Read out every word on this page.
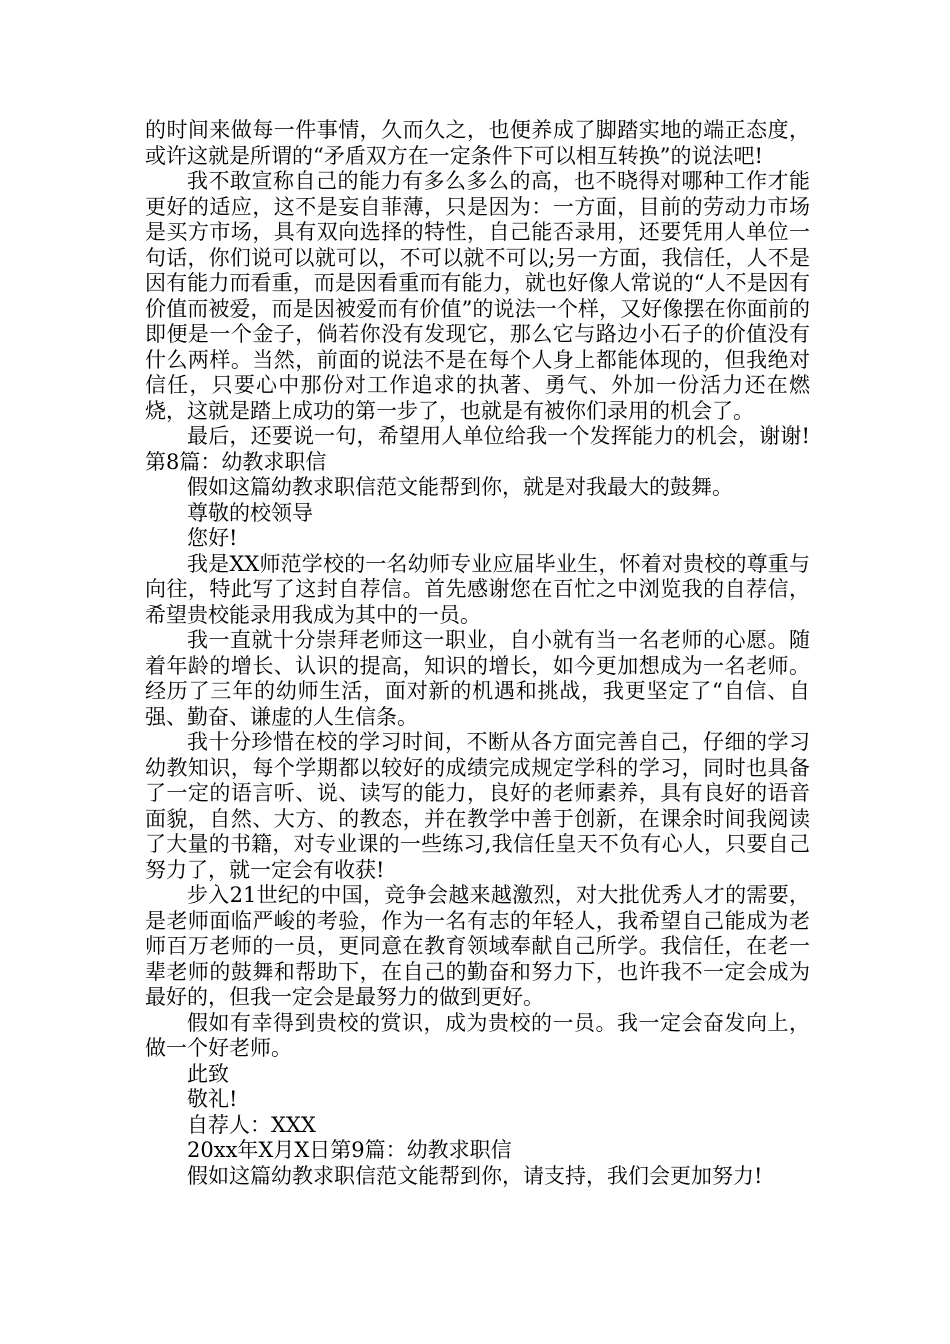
的时间来做每一件事情，久而久之，也便养成了脚踏实地的端正态度，或许这就是所谓的“矛盾双方在一定条件下可以相互转换”的说法吧!

我不敢宣称自己的能力有多么多么的高，也不晓得对哪种工作才能更好的适应，这不是妄自菲薄，只是因为：一方面，目前的劳动力市场是买方市场，具有双向选择的特性，自己能否录用，还要凭用人单位一句话，你们说可以就可以，不可以就不可以;另一方面，我信任，人不是因有能力而看重，而是因看重而有能力，就也好像人常说的“人不是因有价值而被爱，而是因被爱而有价值”的说法一个样，又好像摆在你面前的即便是一个金子，倘若你没有发现它，那么它与路边小石子的价值没有什么两样。当然，前面的说法不是在每个人身上都能体现的，但我绝对信任，只要心中那份对工作追求的执著、勇气、外加一份活力还在燃烧，这就是踏上成功的第一步了，也就是有被你们录用的机会了。

最后，还要说一句，希望用人单位给我一个发挥能力的机会，谢谢!第8篇：幼教求职信

假如这篇幼教求职信范文能帮到你，就是对我最大的鼓舞。

尊敬的校领导

您好!

我是XX师范学校的一名幼师专业应届毕业生，怀着对贵校的尊重与向往，特此写了这封自荐信。首先感谢您在百忙之中浏览我的自荐信，希望贵校能录用我成为其中的一员。

我一直就十分崇拜老师这一职业，自小就有当一名老师的心愿。随着年龄的增长、认识的提高，知识的增长，如今更加想成为一名老师。经历了三年的幼师生活，面对新的机遇和挑战，我更坚定了“自信、自强、勤奋、谦虚的人生信条。

我十分珍惜在校的学习时间，不断从各方面完善自己，仔细的学习幼教知识，每个学期都以较好的成绩完成规定学科的学习，同时也具备了一定的语言听、说、读写的能力，良好的老师素养，具有良好的语音面貌，自然、大方、的教态，并在教学中善于创新，在课余时间我阅读了大量的书籍，对专业课的一些练习,我信任皇天不负有心人，只要自己努力了，就一定会有收获!

步入21世纪的中国，竞争会越来越激烈，对大批优秀人才的需要，是老师面临严峻的考验，作为一名有志的年轻人，我希望自己能成为老师百万老师的一员，更同意在教育领域奉献自己所学。我信任，在老一辈老师的鼓舞和帮助下，在自己的勤奋和努力下，也许我不一定会成为最好的，但我一定会是最努力的做到更好。

假如有幸得到贵校的赏识，成为贵校的一员。我一定会奋发向上，做一个好老师。

此致

敬礼!

自荐人：XXX

20xx年X月X日第9篇：幼教求职信

假如这篇幼教求职信范文能帮到你，请支持，我们会更加努力!
